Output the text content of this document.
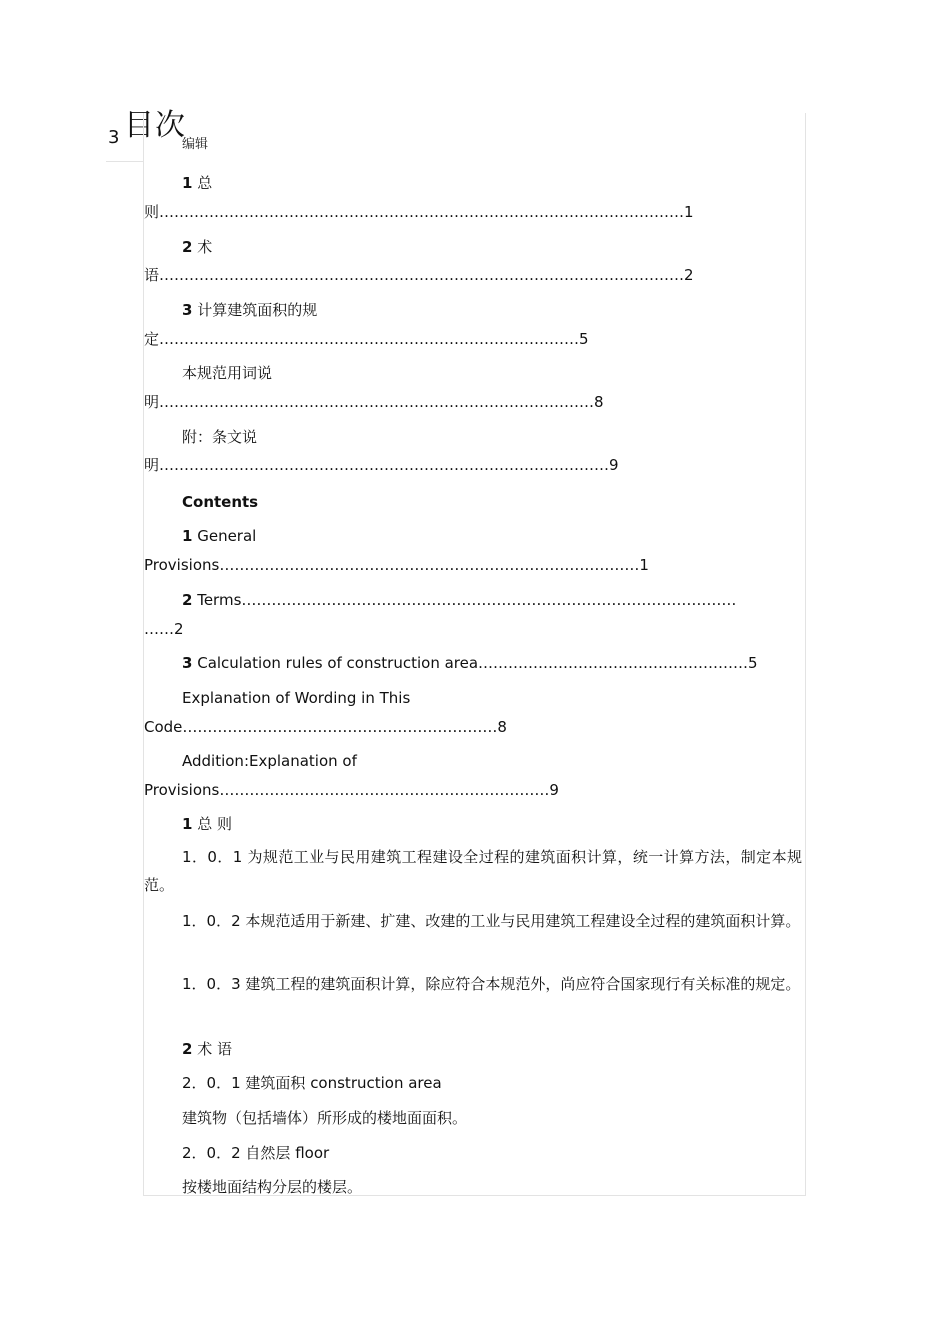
3 目次
编辑
1 总
则……………………………………………………………………………………………1
2 术
语……………………………………………………………………………………………2
3 计算建筑面积的规
定…………………………………………………………………………5
本规范用词说
明……………………………………………………………………………8
附：条文说
明………………………………………………………………………………9
Contents
1 General
Provisions…………………………………………………………………………1
2 Terms………………………………………………………………………………………
……2
3 Calculation rules of construction area………………………………………………5
Explanation of Wording in This
Code………………………………………………………8
Addition:Explanation of
Provisions…………………………………………………………9
1 总 则
1．0．1 为规范工业与民用建筑工程建设全过程的建筑面积计算，统一计算方法，制定本规范。
1．0．2 本规范适用于新建、扩建、改建的工业与民用建筑工程建设全过程的建筑面积计算。
1．0．3 建筑工程的建筑面积计算，除应符合本规范外，尚应符合国家现行有关标准的规定。
2 术 语
2．0．1 建筑面积 construction area
建筑物（包括墙体）所形成的楼地面面积。
2．0．2 自然层 floor
按楼地面结构分层的楼层。
